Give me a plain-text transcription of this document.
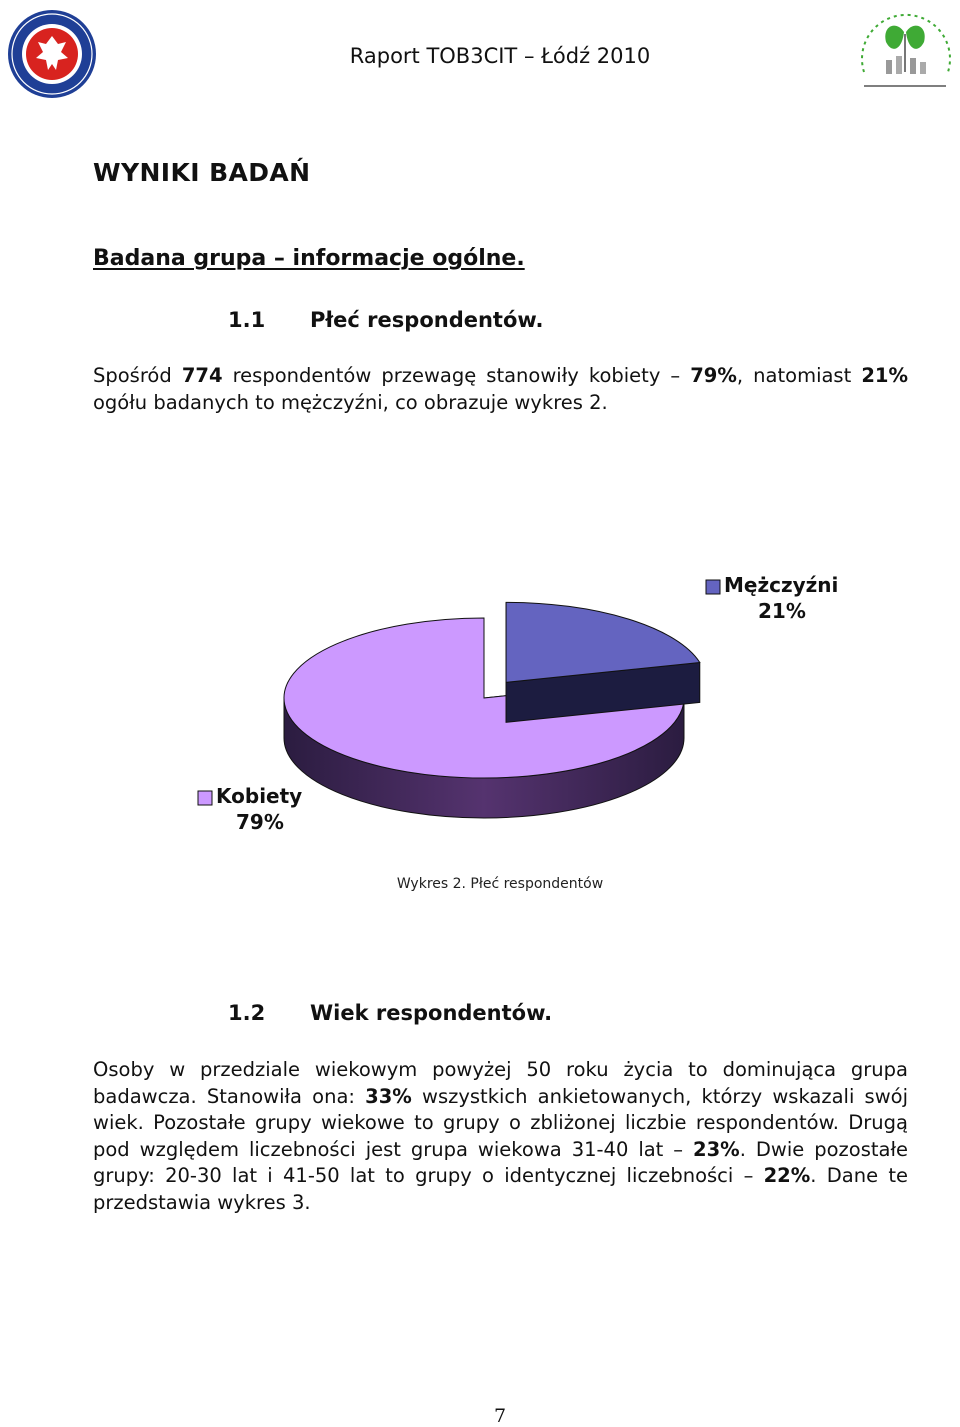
Raport TOB3CIT – Łódź 2010
WYNIKI BADAŃ
Badana grupa – informacje ogólne.
1.1 Płeć respondentów.
Spośród 774 respondentów przewagę stanowiły kobiety – 79%, natomiast 21% ogółu badanych to mężczyźni, co obrazuje wykres 2.
Mężczyźni
21%
Kobiety
79%
Wykres 2. Płeć respondentów
1.2 Wiek respondentów.
Osoby w przedziale wiekowym powyżej 50 roku życia to dominująca grupa badawcza. Stanowiła ona: 33% wszystkich ankietowanych, którzy wskazali swój wiek. Pozostałe grupy wiekowe to grupy o zbliżonej liczbie respondentów. Drugą pod względem liczebności jest grupa wiekowa 31-40 lat – 23%. Dwie pozostałe grupy: 20-30 lat i 41-50 lat to grupy o identycznej liczebności – 22%. Dane te przedstawia wykres 3.
7
